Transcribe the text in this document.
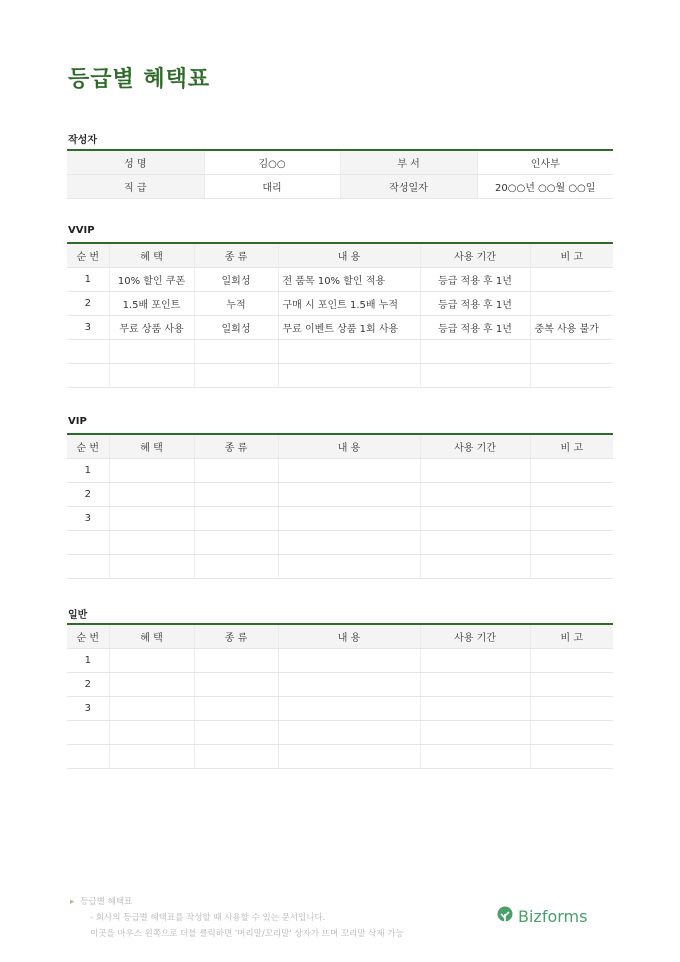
등급별 혜택표
작성자
성 명	김○○	부 서	인사부
직 급	대리	작성일자	20○○년 ○○월 ○○일
VVIP
순 번	혜 택	종 류	내 용	사용 기간	비 고
1	10% 할인 쿠폰	일회성	전 품목 10% 할인 적용	등급 적용 후 1년	
2	1.5배 포인트	누적	구매 시 포인트 1.5배 누적	등급 적용 후 1년	
3	무료 상품 사용	일회성	무료 이벤트 상품 1회 사용	등급 적용 후 1년	중복 사용 불가

VIP
순 번	혜 택	종 류	내 용	사용 기간	비 고
1					
2					
3					

일반
순 번	혜 택	종 류	내 용	사용 기간	비 고
1					
2					
3					

▸ 등급별 혜택표
- 회사의 등급별 혜택표를 작성할 때 사용할 수 있는 문서입니다.
이곳을 마우스 왼쪽으로 더블 클릭하면 '머리말/꼬리말' 상자가 뜨며 꼬리말 삭제 가능
Bizforms
